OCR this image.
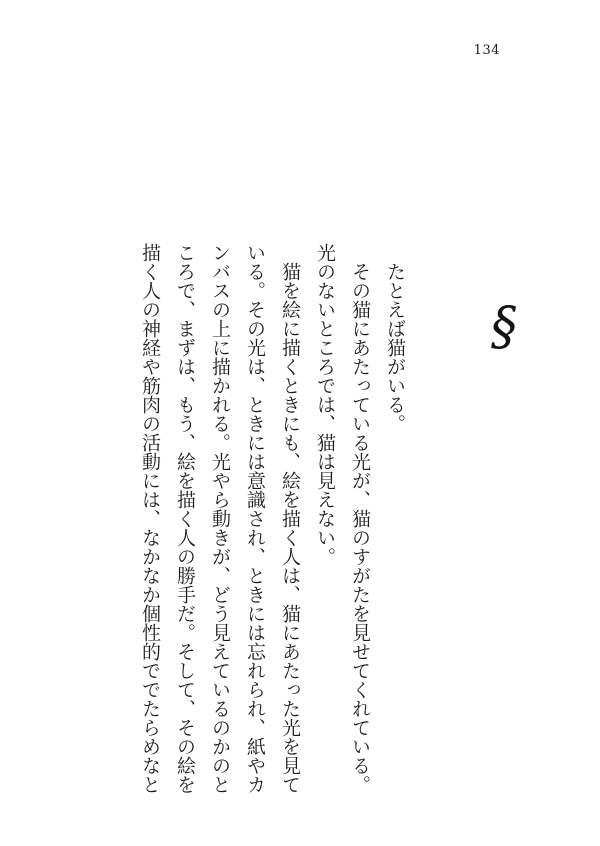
134
§

たとえば猫がいる。

その猫にあたっている光が、猫のすがたを見せてくれている。

光のないところでは、猫は見えない。

猫を絵に描くときにも、絵を描く人は、猫にあたった光を見て

いる。その光は、ときには意識され、ときには忘れられ、紙やカ

ンバスの上に描かれる。光やら動きが、どう見えているのかのと

ころで、まずは、もう、絵を描く人の勝手だ。そして、その絵を

描く人の神経や筋肉の活動には、なかなか個性的ででたらめなと
